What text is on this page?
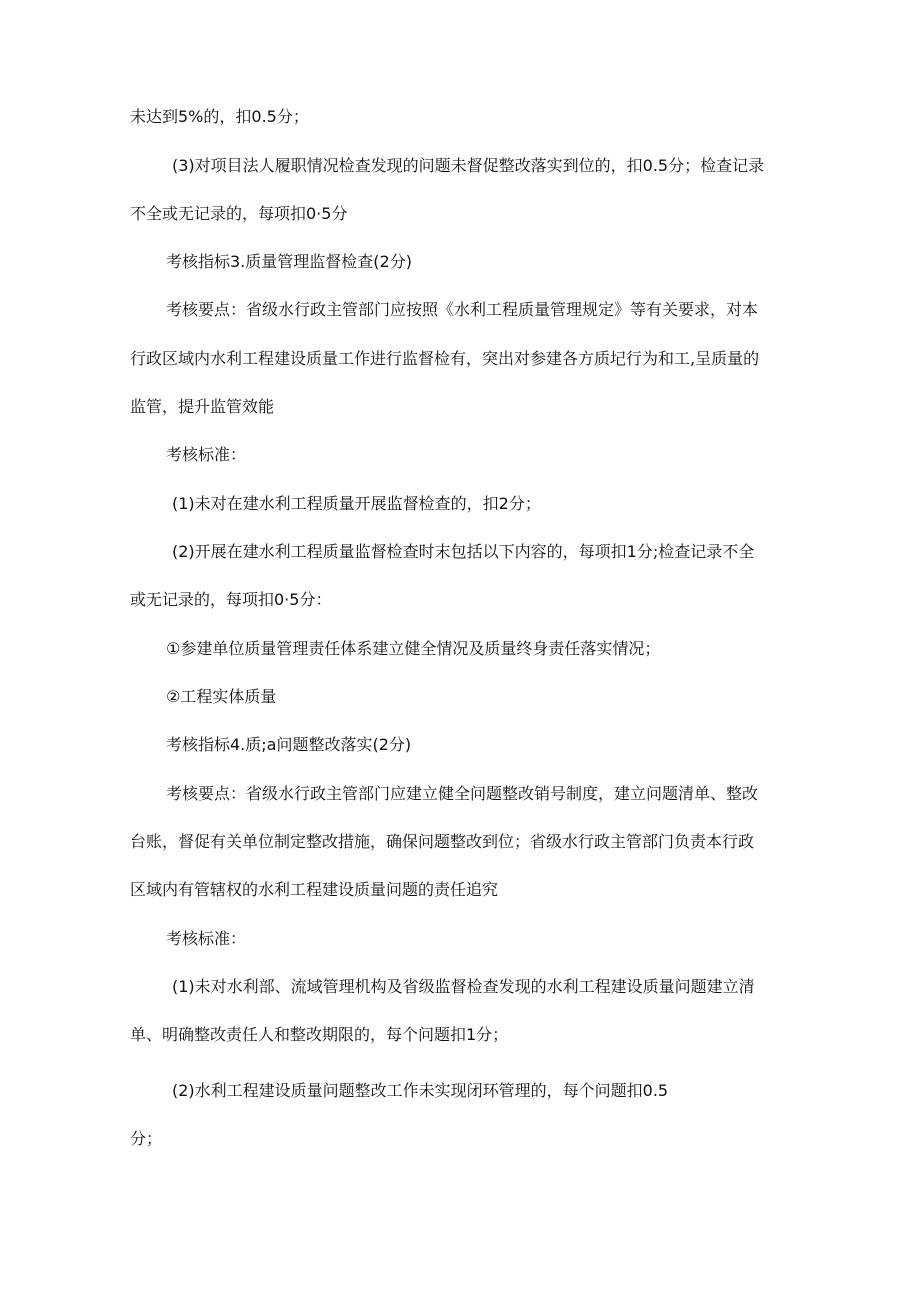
未达到5%的，扣0.5分；
(3)对项目法人履职情况检查发现的问题未督促整改落实到位的，扣0.5分；检查记录
不全或无记录的，每项扣0·5分
考核指标3.质量管理监督检查(2分)
考核要点：省级水行政主管部门应按照《水利工程质量管理规定》等有关要求，对本
行政区域内水利工程建设质量工作进行监督检有，突出对参建各方质圮行为和工,呈质量的
监管，提升监管效能
考核标准：
(1)未对在建水利工程质量开展监督检查的，扣2分；
(2)开展在建水利工程质量监督检查时末包括以下内容的，每项扣1分;检查记录不全
或无记录的，每项扣0·5分：
①参建单位质量管理责任体系建立健全情况及质量终身责任落实情况；
②工程实体质量
考核指标4.质;a问题整改落实(2分)
考核要点：省级水行政主管部门应建立健全问题整改销号制度，建立问题清单、整改
台账，督促有关单位制定整改措施，确保问题整改到位；省级水行政主管部门负责本行政
区域内有管辖权的水利工程建设质量问题的责任追究
考核标准：
(1)未对水利部、流域管理机构及省级监督检查发现的水利工程建设质量问题建立清
单、明确整改责任人和整改期限的，每个问题扣1分；
(2)水利工程建设质量问题整改工作未实现闭环管理的，每个问题扣0.5
分；
